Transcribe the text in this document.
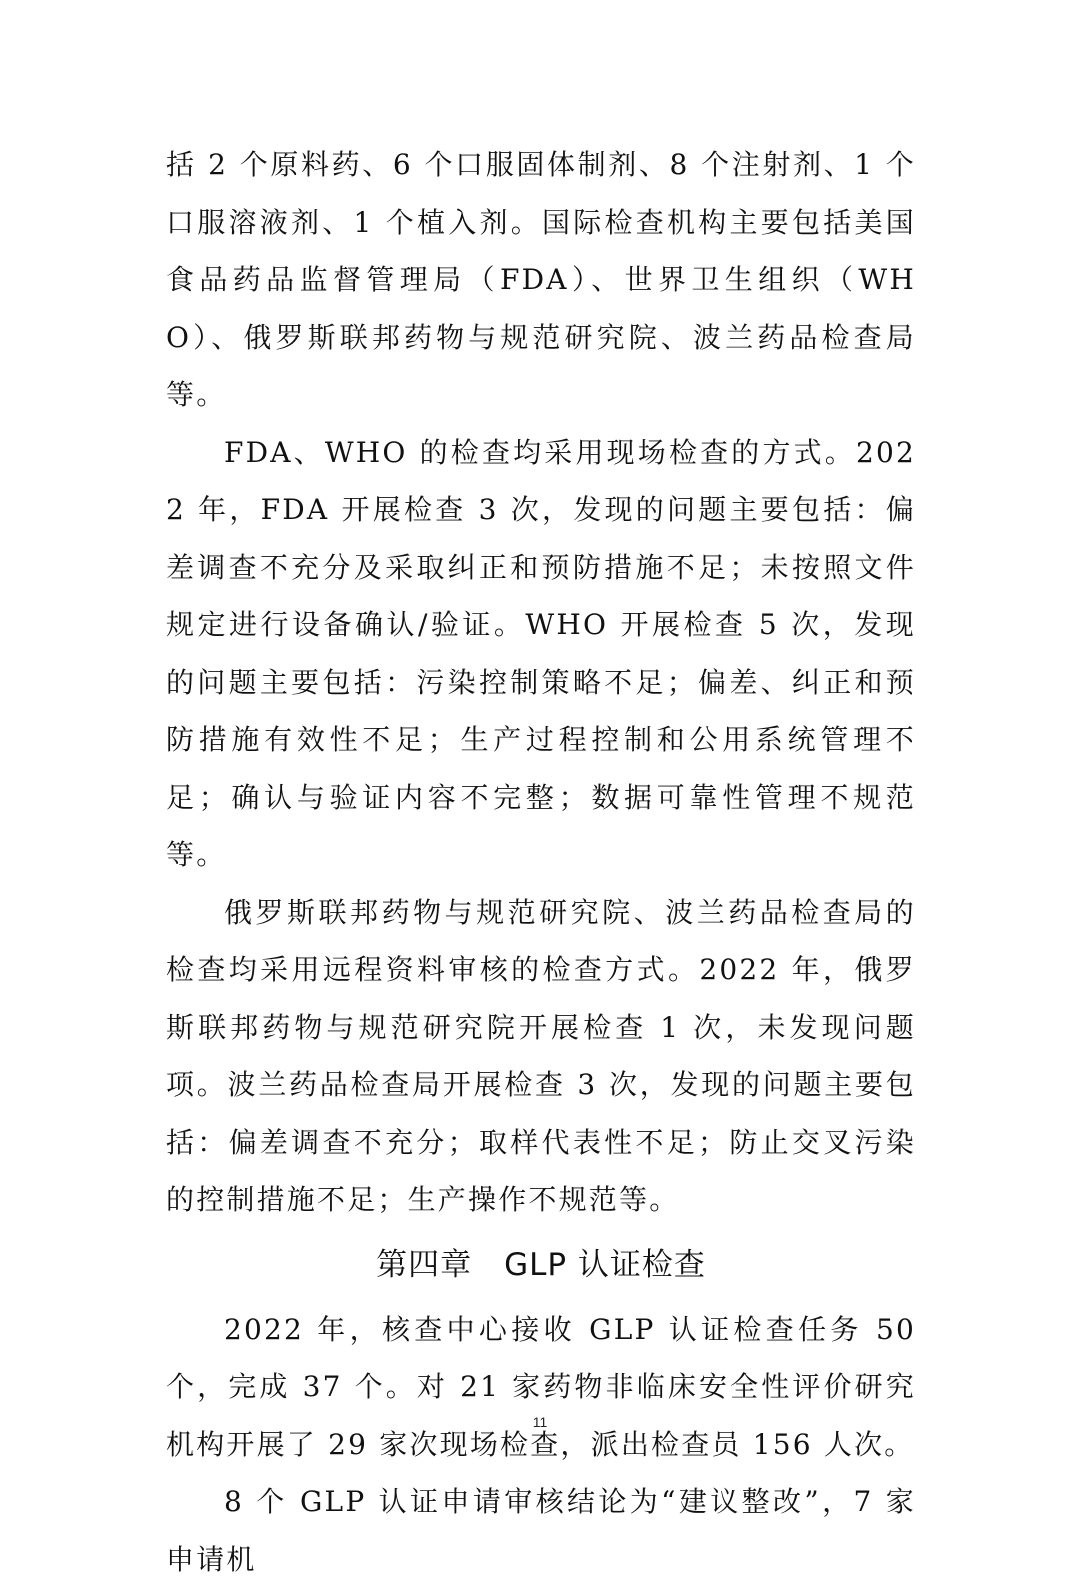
括 2 个原料药、6 个口服固体制剂、8 个注射剂、1 个口服溶液剂、1 个植入剂。国际检查机构主要包括美国食品药品监督管理局（FDA）、世界卫生组织（WHO）、俄罗斯联邦药物与规范研究院、波兰药品检查局等。

FDA、WHO 的检查均采用现场检查的方式。2022 年，FDA 开展检查 3 次，发现的问题主要包括：偏差调查不充分及采取纠正和预防措施不足；未按照文件规定进行设备确认/验证。WHO 开展检查 5 次，发现的问题主要包括：污染控制策略不足；偏差、纠正和预防措施有效性不足；生产过程控制和公用系统管理不足；确认与验证内容不完整；数据可靠性管理不规范等。

俄罗斯联邦药物与规范研究院、波兰药品检查局的检查均采用远程资料审核的检查方式。2022 年，俄罗斯联邦药物与规范研究院开展检查 1 次，未发现问题项。波兰药品检查局开展检查 3 次，发现的问题主要包括：偏差调查不充分；取样代表性不足；防止交叉污染的控制措施不足；生产操作不规范等。

第四章　GLP 认证检查

2022 年，核查中心接收 GLP 认证检查任务 50 个，完成 37 个。对 21 家药物非临床安全性评价研究机构开展了 29 家次现场检查，派出检查员 156 人次。

8 个 GLP 认证申请审核结论为“建议整改”，7 家申请机

11
